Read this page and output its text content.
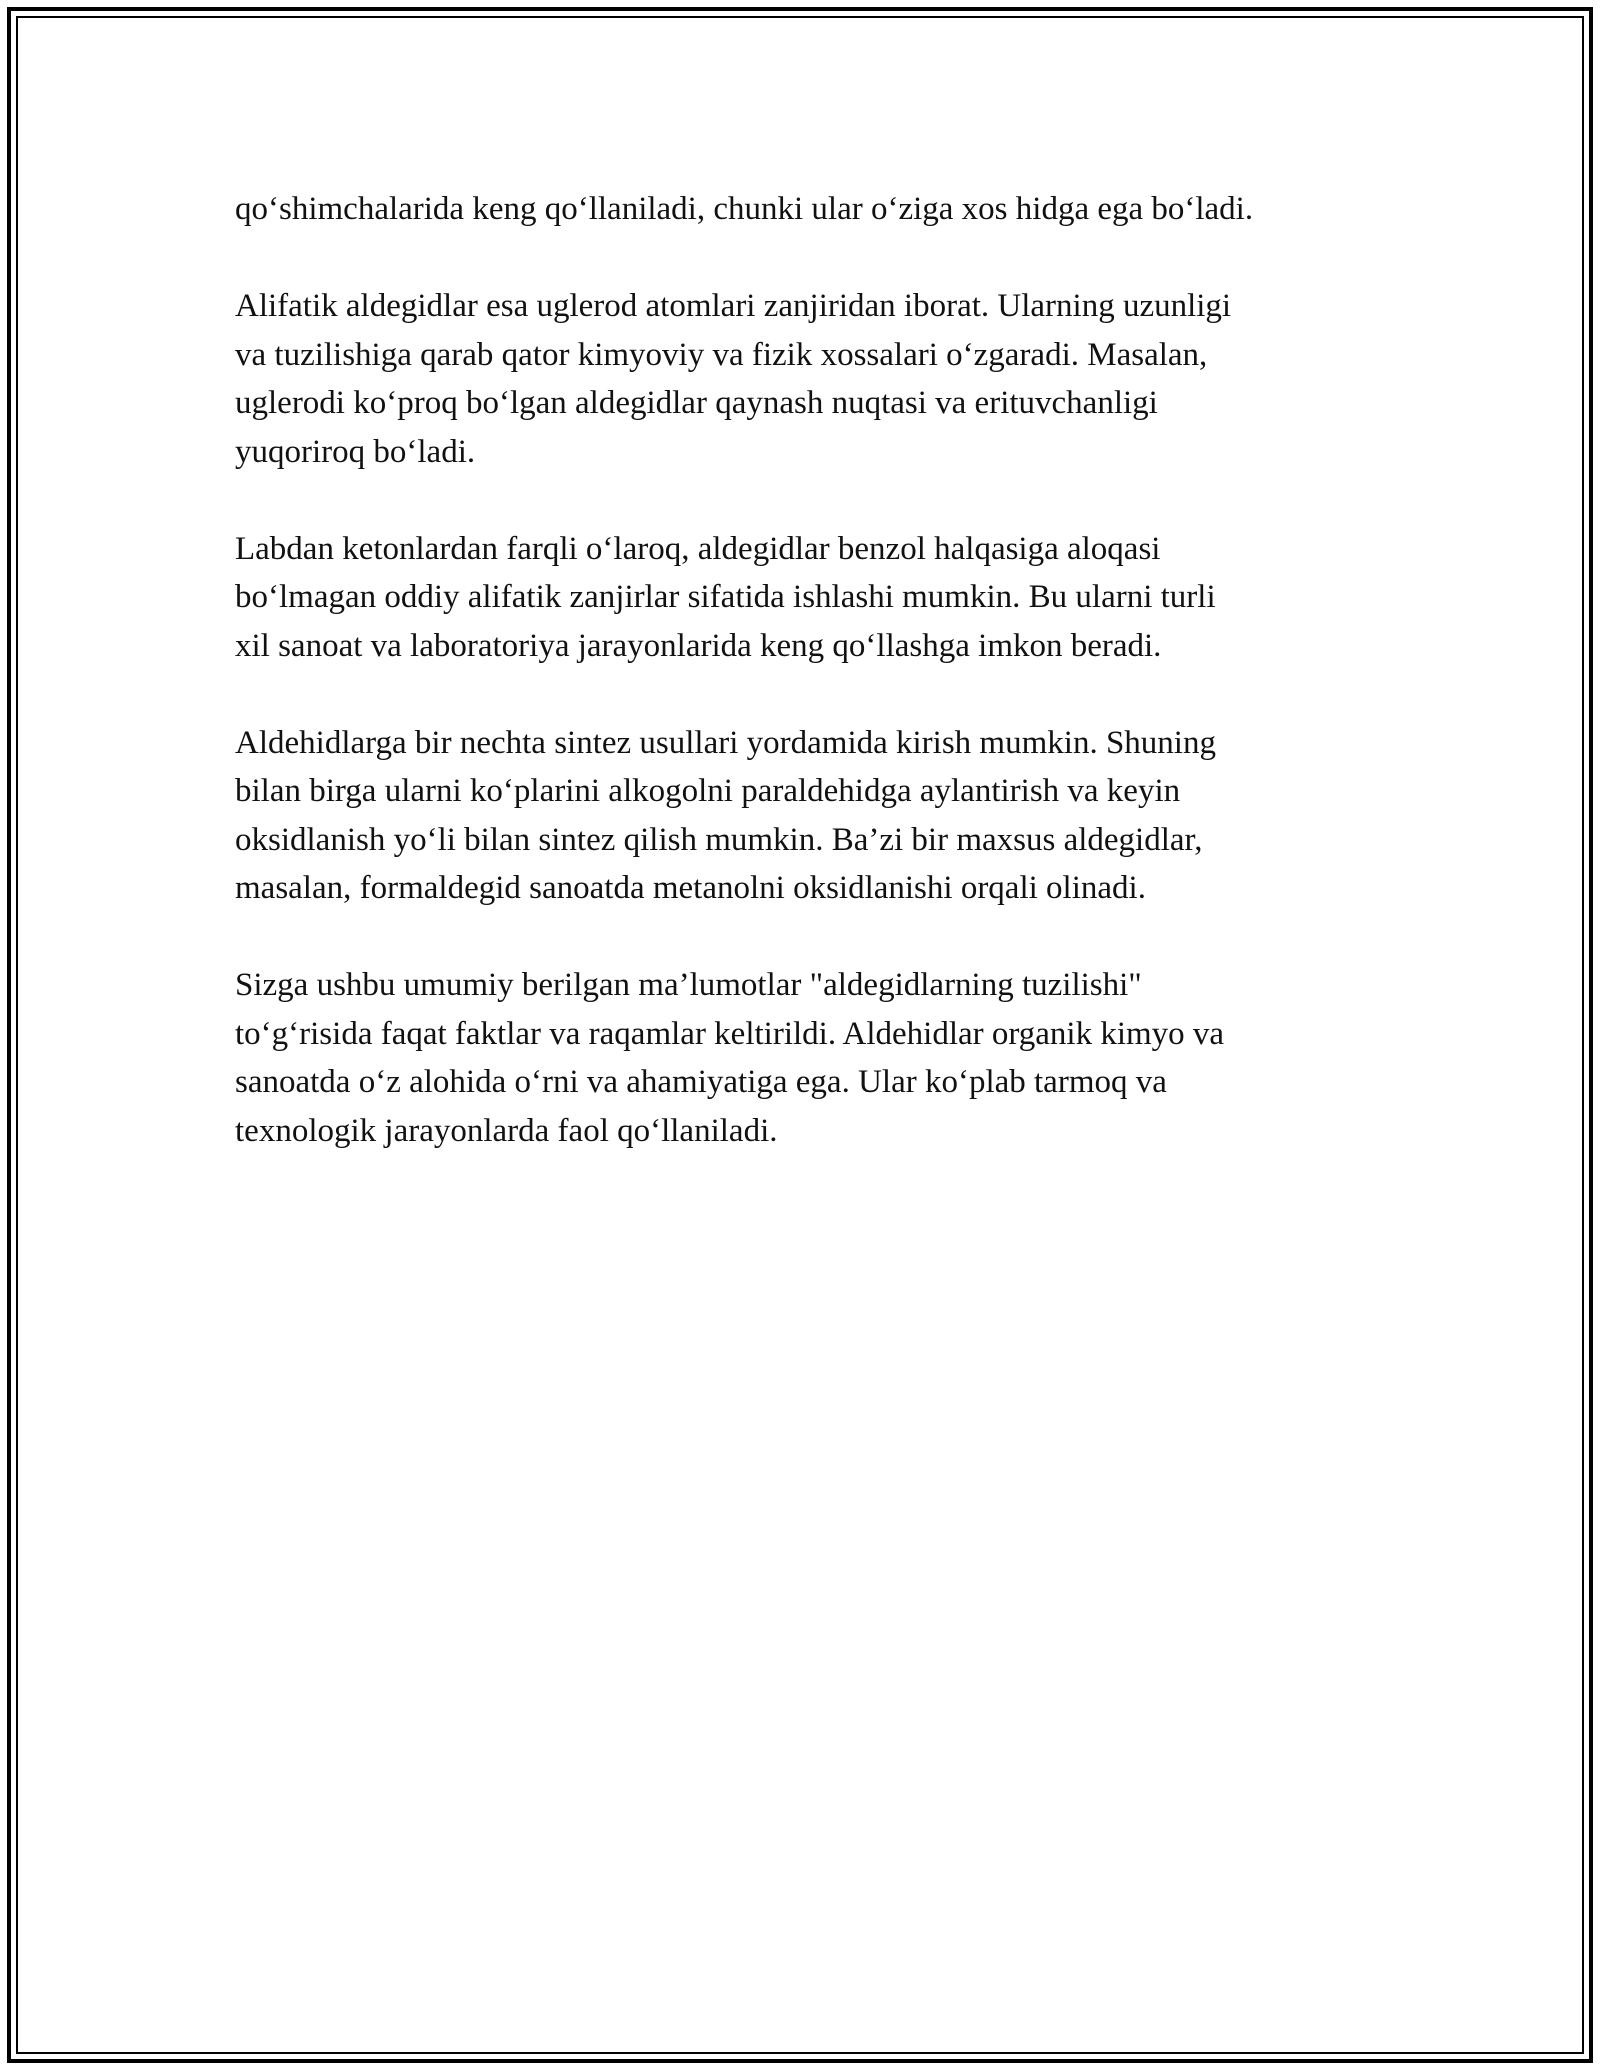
qo‘shimchalarida keng qo‘llaniladi, chunki ular o‘ziga xos hidga ega bo‘ladi.

Alifatik aldegidlar esa uglerod atomlari zanjiridan iborat. Ularning uzunligi
va tuzilishiga qarab qator kimyoviy va fizik xossalari o‘zgaradi. Masalan,
uglerodi ko‘proq bo‘lgan aldegidlar qaynash nuqtasi va erituvchanligi
yuqoriroq bo‘ladi.

Labdan ketonlardan farqli o‘laroq, aldegidlar benzol halqasiga aloqasi
bo‘lmagan oddiy alifatik zanjirlar sifatida ishlashi mumkin. Bu ularni turli
xil sanoat va laboratoriya jarayonlarida keng qo‘llashga imkon beradi.

Aldehidlarga bir nechta sintez usullari yordamida kirish mumkin. Shuning
bilan birga ularni ko‘plarini alkogolni paraldehidga aylantirish va keyin
oksidlanish yo‘li bilan sintez qilish mumkin. Ba’zi bir maxsus aldegidlar,
masalan, formaldegid sanoatda metanolni oksidlanishi orqali olinadi.

Sizga ushbu umumiy berilgan ma’lumotlar "aldegidlarning tuzilishi"
to‘g‘risida faqat faktlar va raqamlar keltirildi. Aldehidlar organik kimyo va
sanoatda o‘z alohida o‘rni va ahamiyatiga ega. Ular ko‘plab tarmoq va
texnologik jarayonlarda faol qo‘llaniladi.
